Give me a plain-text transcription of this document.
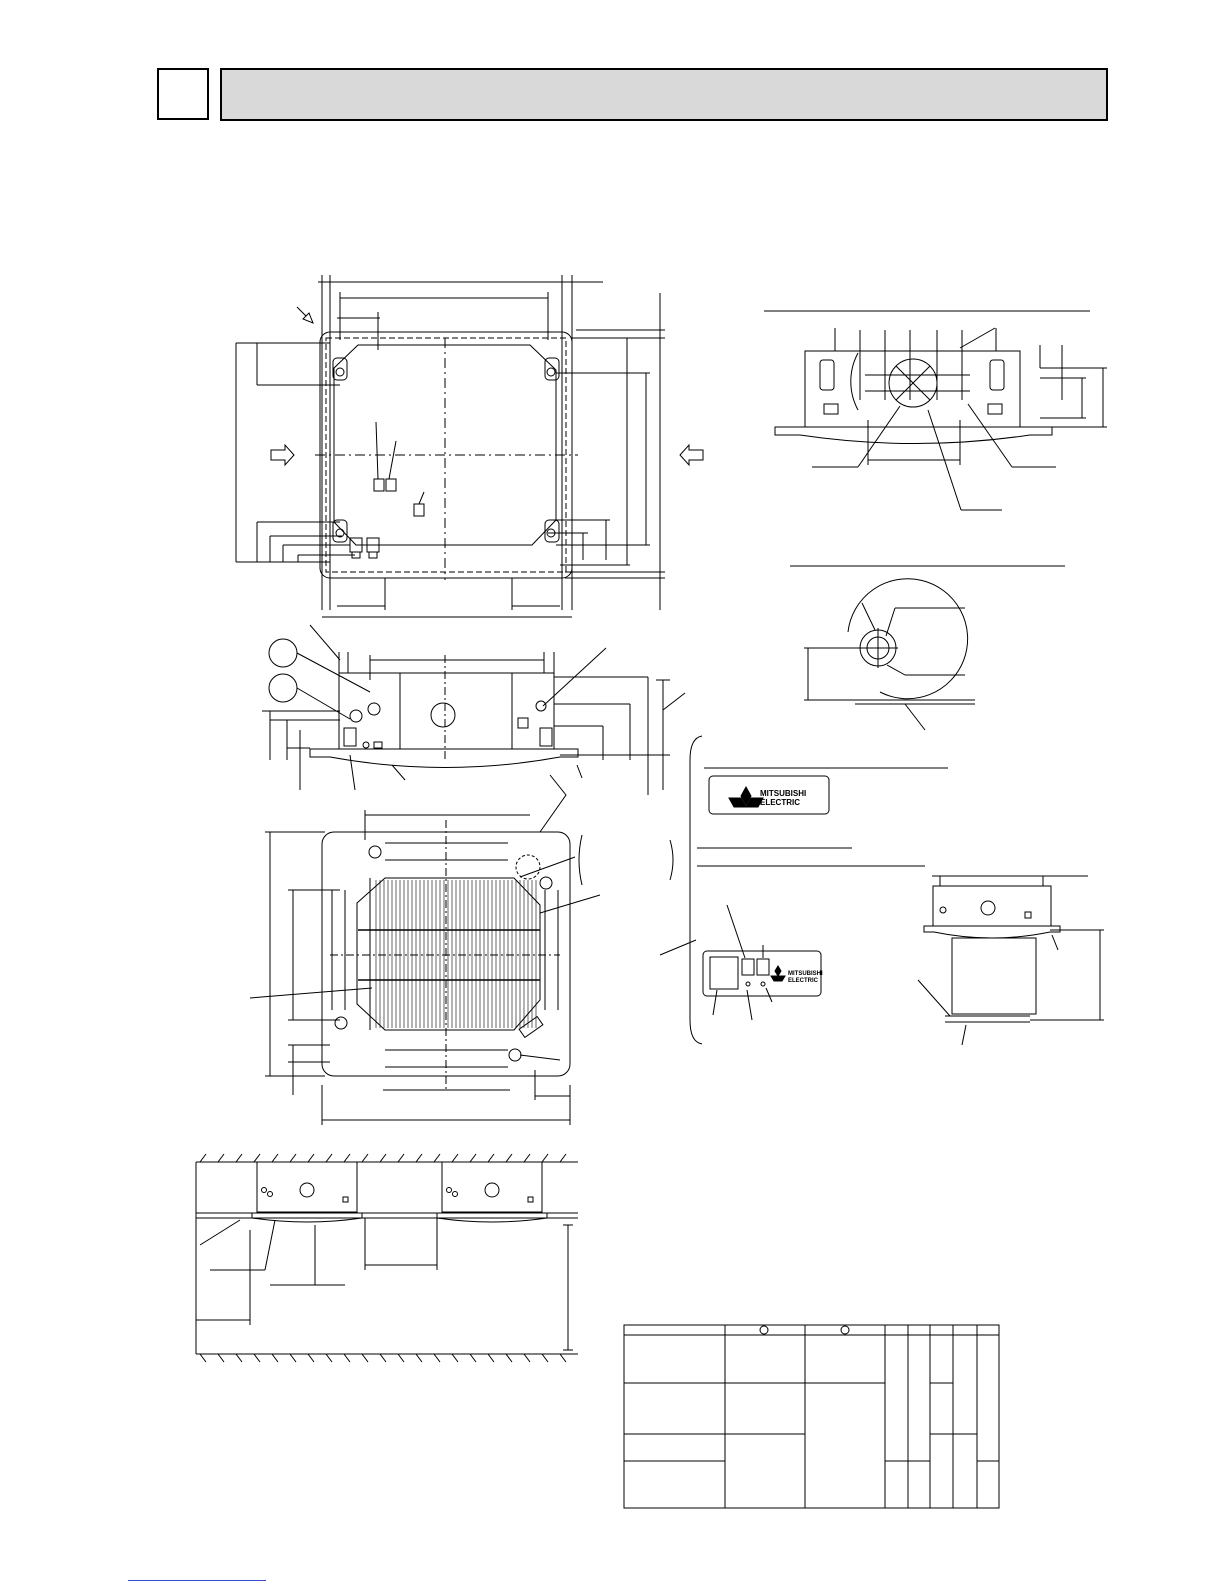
MITSUBISHI
ELECTRIC
MITSUBISHI
ELECTRIC
